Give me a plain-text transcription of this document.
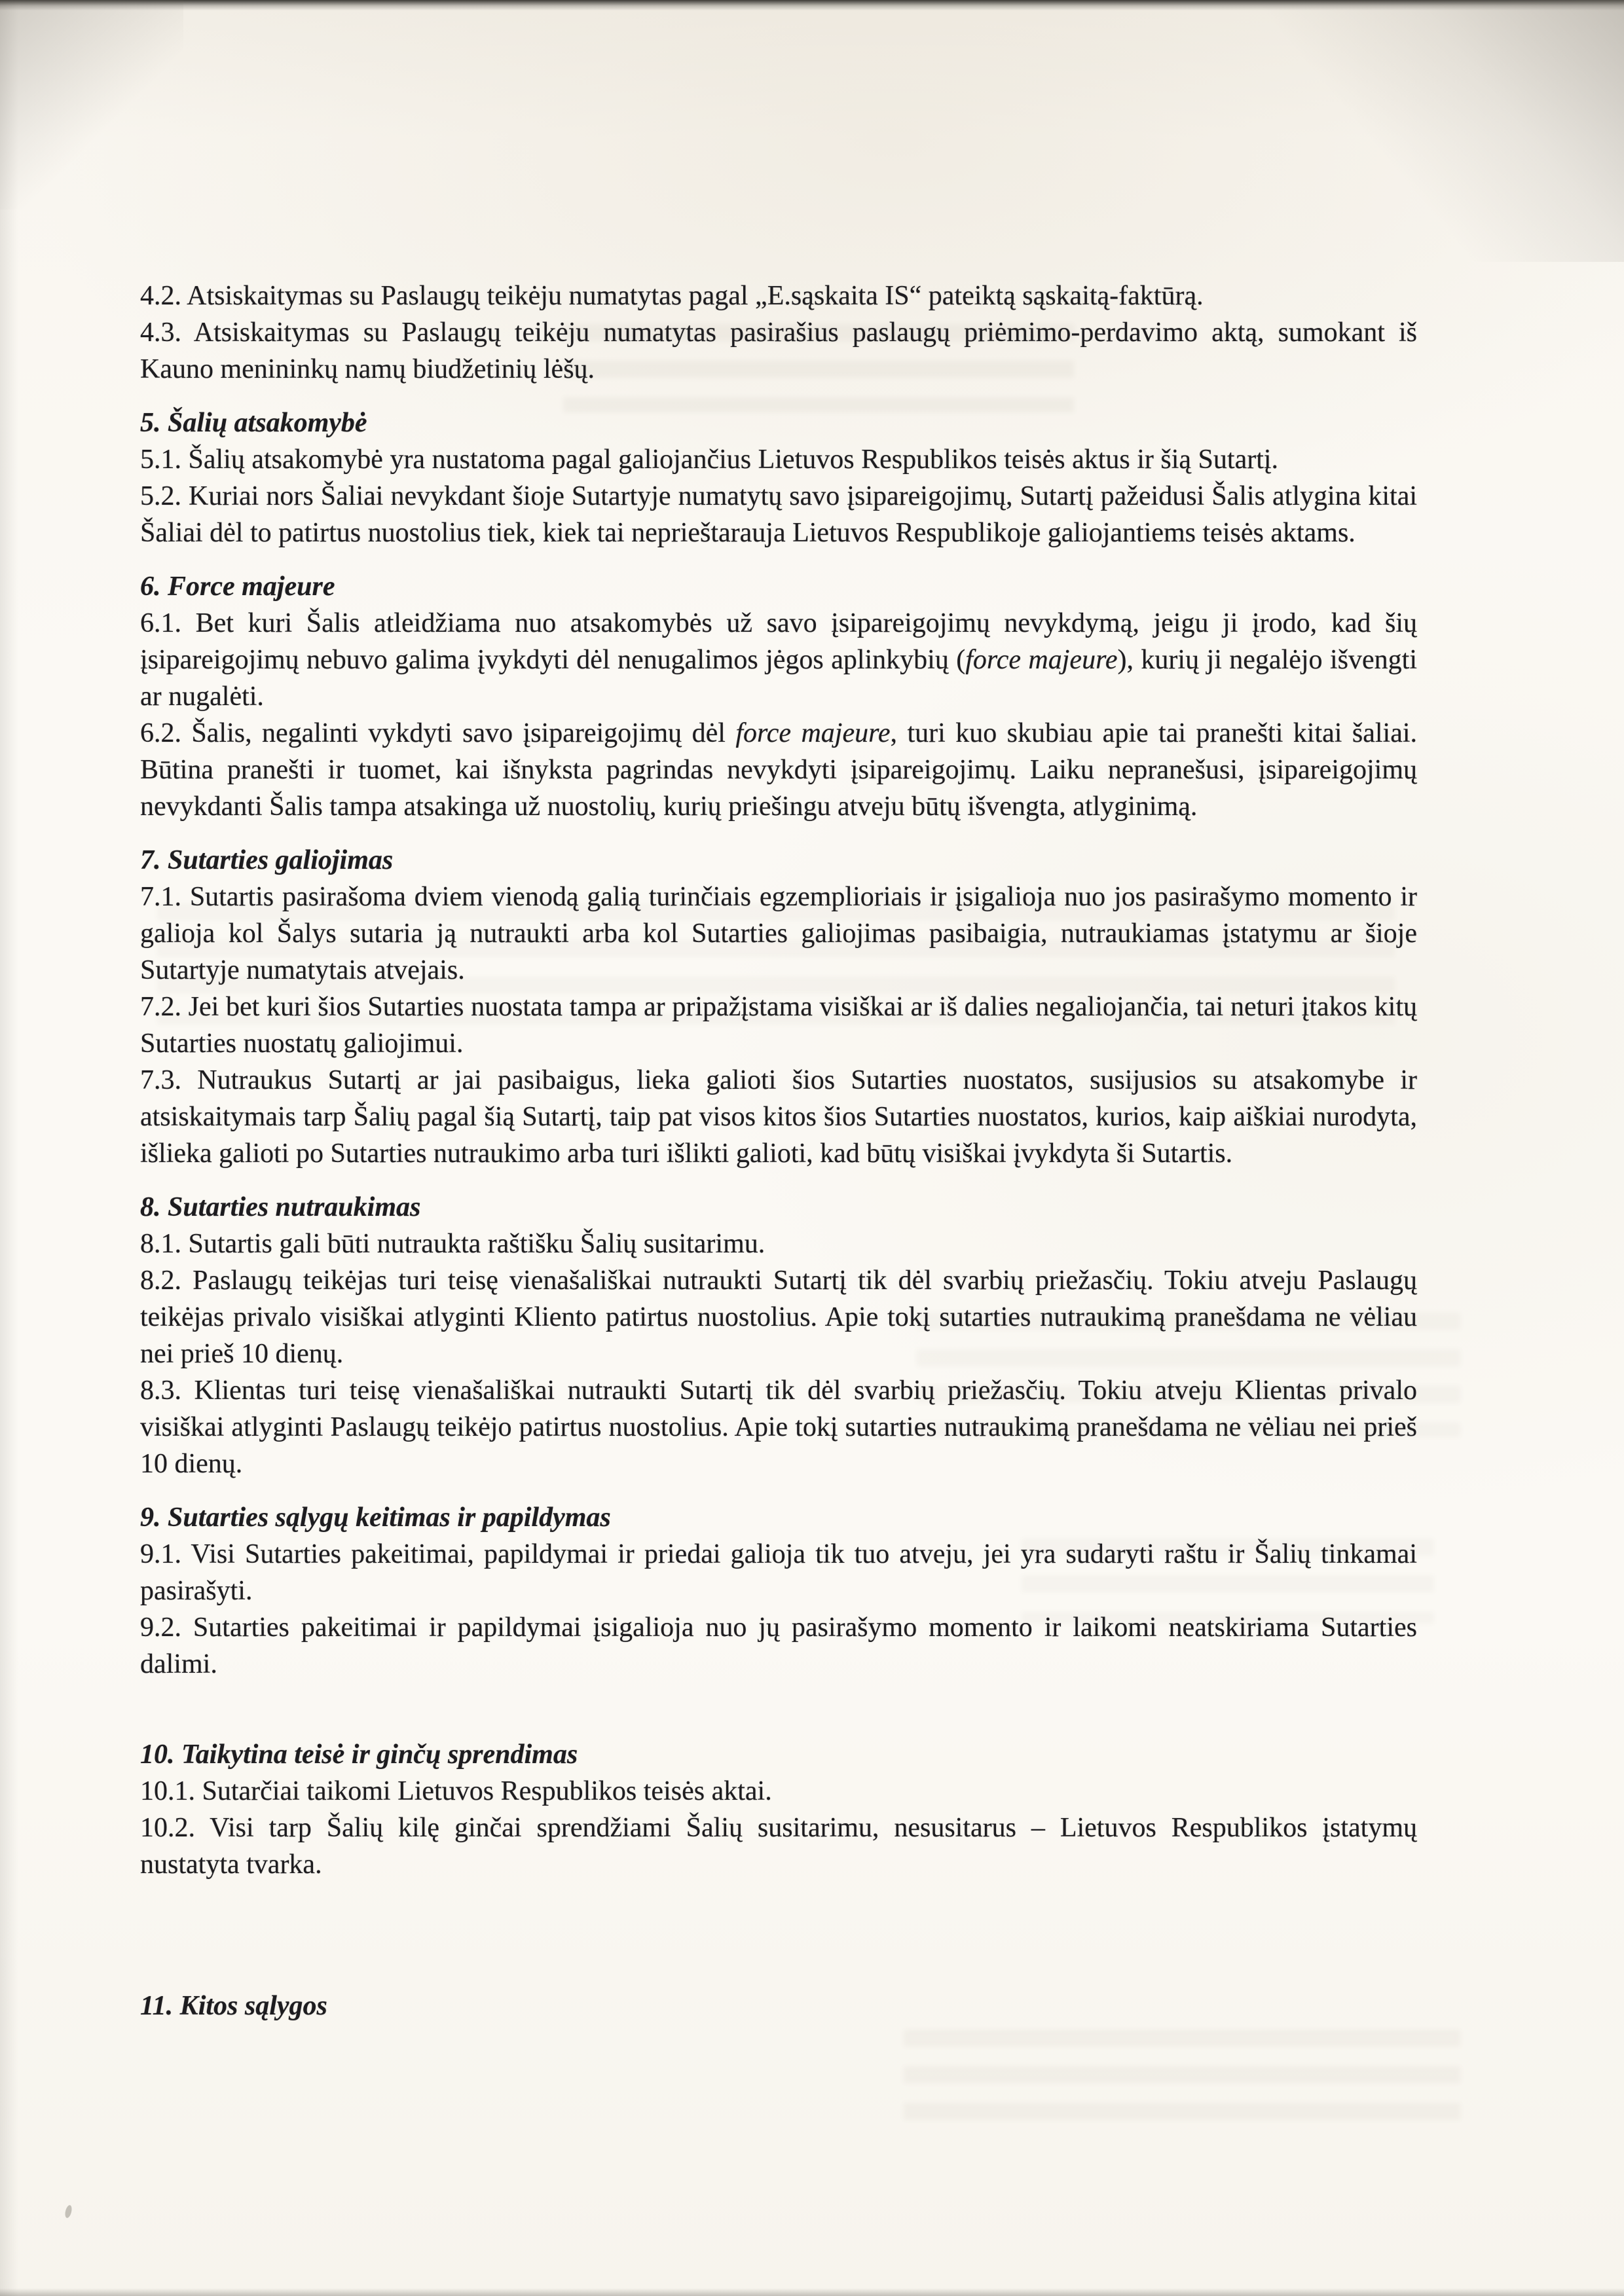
4.2. Atsiskaitymas su Paslaugų teikėju numatytas pagal „E.sąskaita IS“ pateiktą sąskaitą-faktūrą.

4.3. Atsiskaitymas su Paslaugų teikėju numatytas pasirašius paslaugų priėmimo-perdavimo aktą, sumokant iš Kauno menininkų namų biudžetinių lėšų.

5. Šalių atsakomybė

5.1. Šalių atsakomybė yra nustatoma pagal galiojančius Lietuvos Respublikos teisės aktus ir šią Sutartį.

5.2. Kuriai nors Šaliai nevykdant šioje Sutartyje numatytų savo įsipareigojimų, Sutartį pažeidusi Šalis atlygina kitai Šaliai dėl to patirtus nuostolius tiek, kiek tai neprieštarauja Lietuvos Respublikoje galiojantiems teisės aktams.

6. Force majeure

6.1. Bet kuri Šalis atleidžiama nuo atsakomybės už savo įsipareigojimų nevykdymą, jeigu ji įrodo, kad šių įsipareigojimų nebuvo galima įvykdyti dėl nenugalimos jėgos aplinkybių (force majeure), kurių ji negalėjo išvengti ar nugalėti.

6.2. Šalis, negalinti vykdyti savo įsipareigojimų dėl force majeure, turi kuo skubiau apie tai pranešti kitai šaliai. Būtina pranešti ir tuomet, kai išnyksta pagrindas nevykdyti įsipareigojimų. Laiku nepranešusi, įsipareigojimų nevykdanti Šalis tampa atsakinga už nuostolių, kurių priešingu atveju būtų išvengta, atlyginimą.

7. Sutarties galiojimas

7.1. Sutartis pasirašoma dviem vienodą galią turinčiais egzemplioriais ir įsigalioja nuo jos pasirašymo momento ir galioja kol Šalys sutaria ją nutraukti arba kol Sutarties galiojimas pasibaigia, nutraukiamas įstatymu ar šioje Sutartyje numatytais atvejais.

7.2. Jei bet kuri šios Sutarties nuostata tampa ar pripažįstama visiškai ar iš dalies negaliojančia, tai neturi įtakos kitų Sutarties nuostatų galiojimui.

7.3. Nutraukus Sutartį ar jai pasibaigus, lieka galioti šios Sutarties nuostatos, susijusios su atsakomybe ir atsiskaitymais tarp Šalių pagal šią Sutartį, taip pat visos kitos šios Sutarties nuostatos, kurios, kaip aiškiai nurodyta, išlieka galioti po Sutarties nutraukimo arba turi išlikti galioti, kad būtų visiškai įvykdyta ši Sutartis.

8. Sutarties nutraukimas

8.1. Sutartis gali būti nutraukta raštišku Šalių susitarimu.

8.2. Paslaugų teikėjas turi teisę vienašališkai nutraukti Sutartį tik dėl svarbių priežasčių. Tokiu atveju Paslaugų teikėjas privalo visiškai atlyginti Kliento patirtus nuostolius. Apie tokį sutarties nutraukimą pranešdama ne vėliau nei prieš 10 dienų.

8.3. Klientas turi teisę vienašališkai nutraukti Sutartį tik dėl svarbių priežasčių. Tokiu atveju Klientas privalo visiškai atlyginti Paslaugų teikėjo patirtus nuostolius. Apie tokį sutarties nutraukimą pranešdama ne vėliau nei prieš 10 dienų.

9. Sutarties sąlygų keitimas ir papildymas

9.1. Visi Sutarties pakeitimai, papildymai ir priedai galioja tik tuo atveju, jei yra sudaryti raštu ir Šalių tinkamai pasirašyti.

9.2. Sutarties pakeitimai ir papildymai įsigalioja nuo jų pasirašymo momento ir laikomi neatskiriama Sutarties dalimi.

10. Taikytina teisė ir ginčų sprendimas

10.1. Sutarčiai taikomi Lietuvos Respublikos teisės aktai.

10.2. Visi tarp Šalių kilę ginčai sprendžiami Šalių susitarimu, nesusitarus – Lietuvos Respublikos įstatymų nustatyta tvarka.

11. Kitos sąlygos
